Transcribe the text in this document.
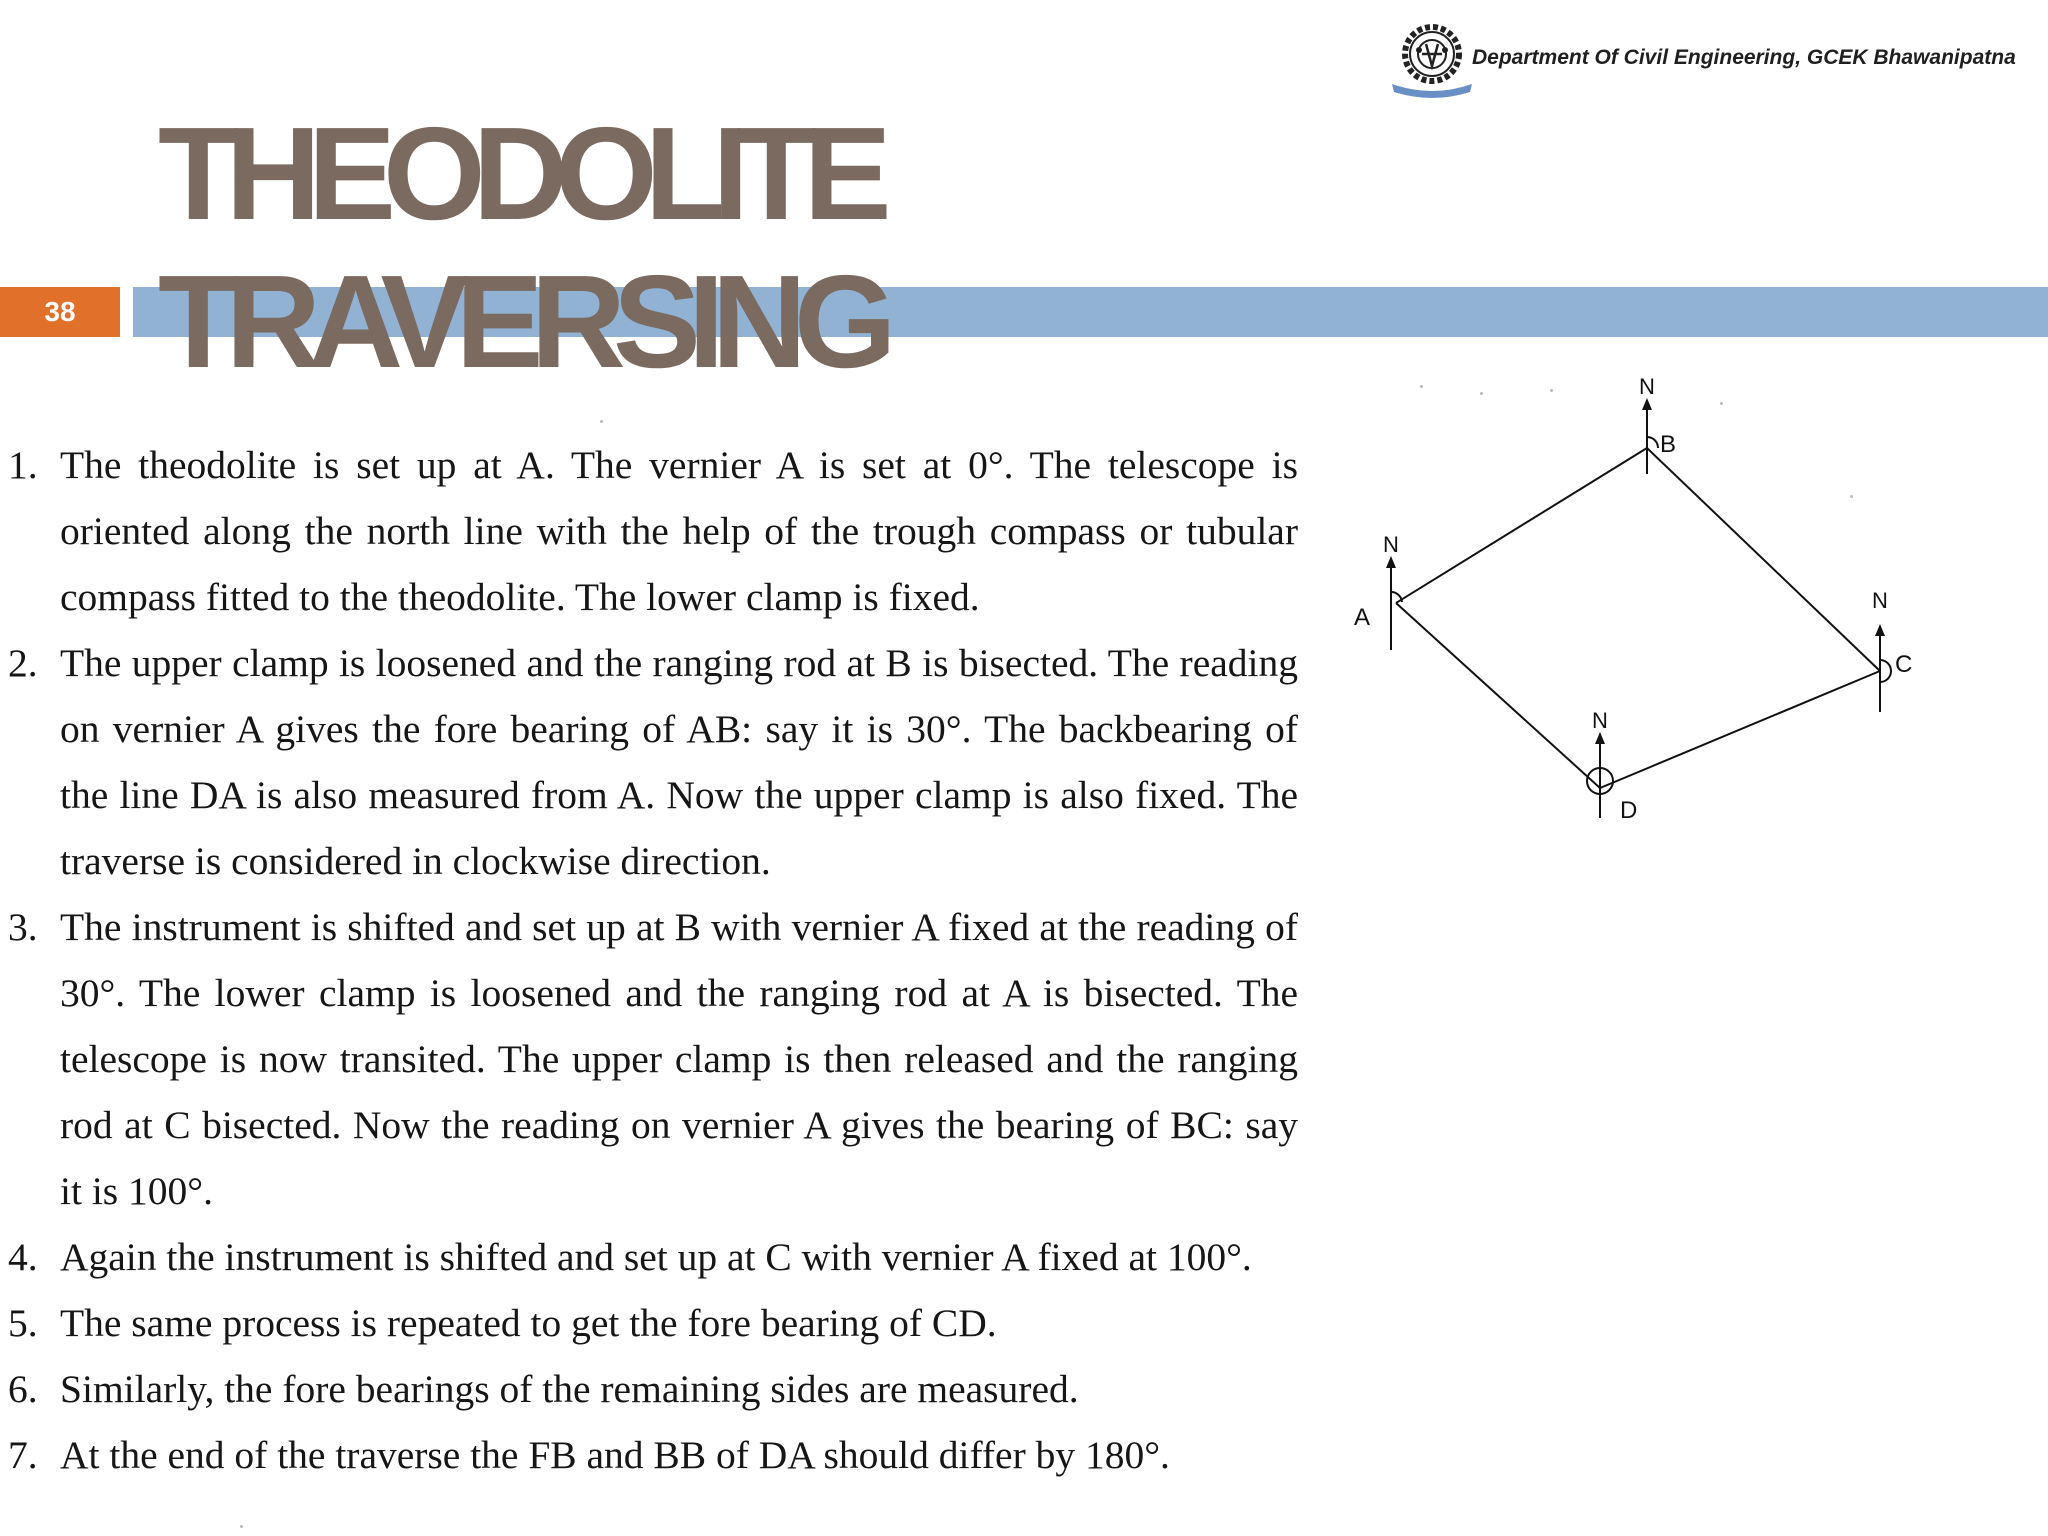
Department Of Civil Engineering, GCEK Bhawanipatna
38
THEODOLITE
TRAVERSING
1. The theodolite is set up at A. The vernier A is set at 0°. The telescope is oriented along the north line with the help of the trough compass or tubular compass fitted to the theodolite. The lower clamp is fixed.
2. The upper clamp is loosened and the ranging rod at B is bisected. The reading on vernier A gives the fore bearing of AB: say it is 30°. The backbearing of the line DA is also measured from A. Now the upper clamp is also fixed. The traverse is considered in clockwise direction.
3. The instrument is shifted and set up at B with vernier A fixed at the reading of 30°. The lower clamp is loosened and the ranging rod at A is bisected. The telescope is now transited. The upper clamp is then released and the ranging rod at C bisected. Now the reading on vernier A gives the bearing of BC: say it is 100°.
4. Again the instrument is shifted and set up at C with vernier A fixed at 100°.
5. The same process is repeated to get the fore bearing of CD.
6. Similarly, the fore bearings of the remaining sides are measured.
7. At the end of the traverse the FB and BB of DA should differ by 180°.
N
A
N
B
N
C
N
D
